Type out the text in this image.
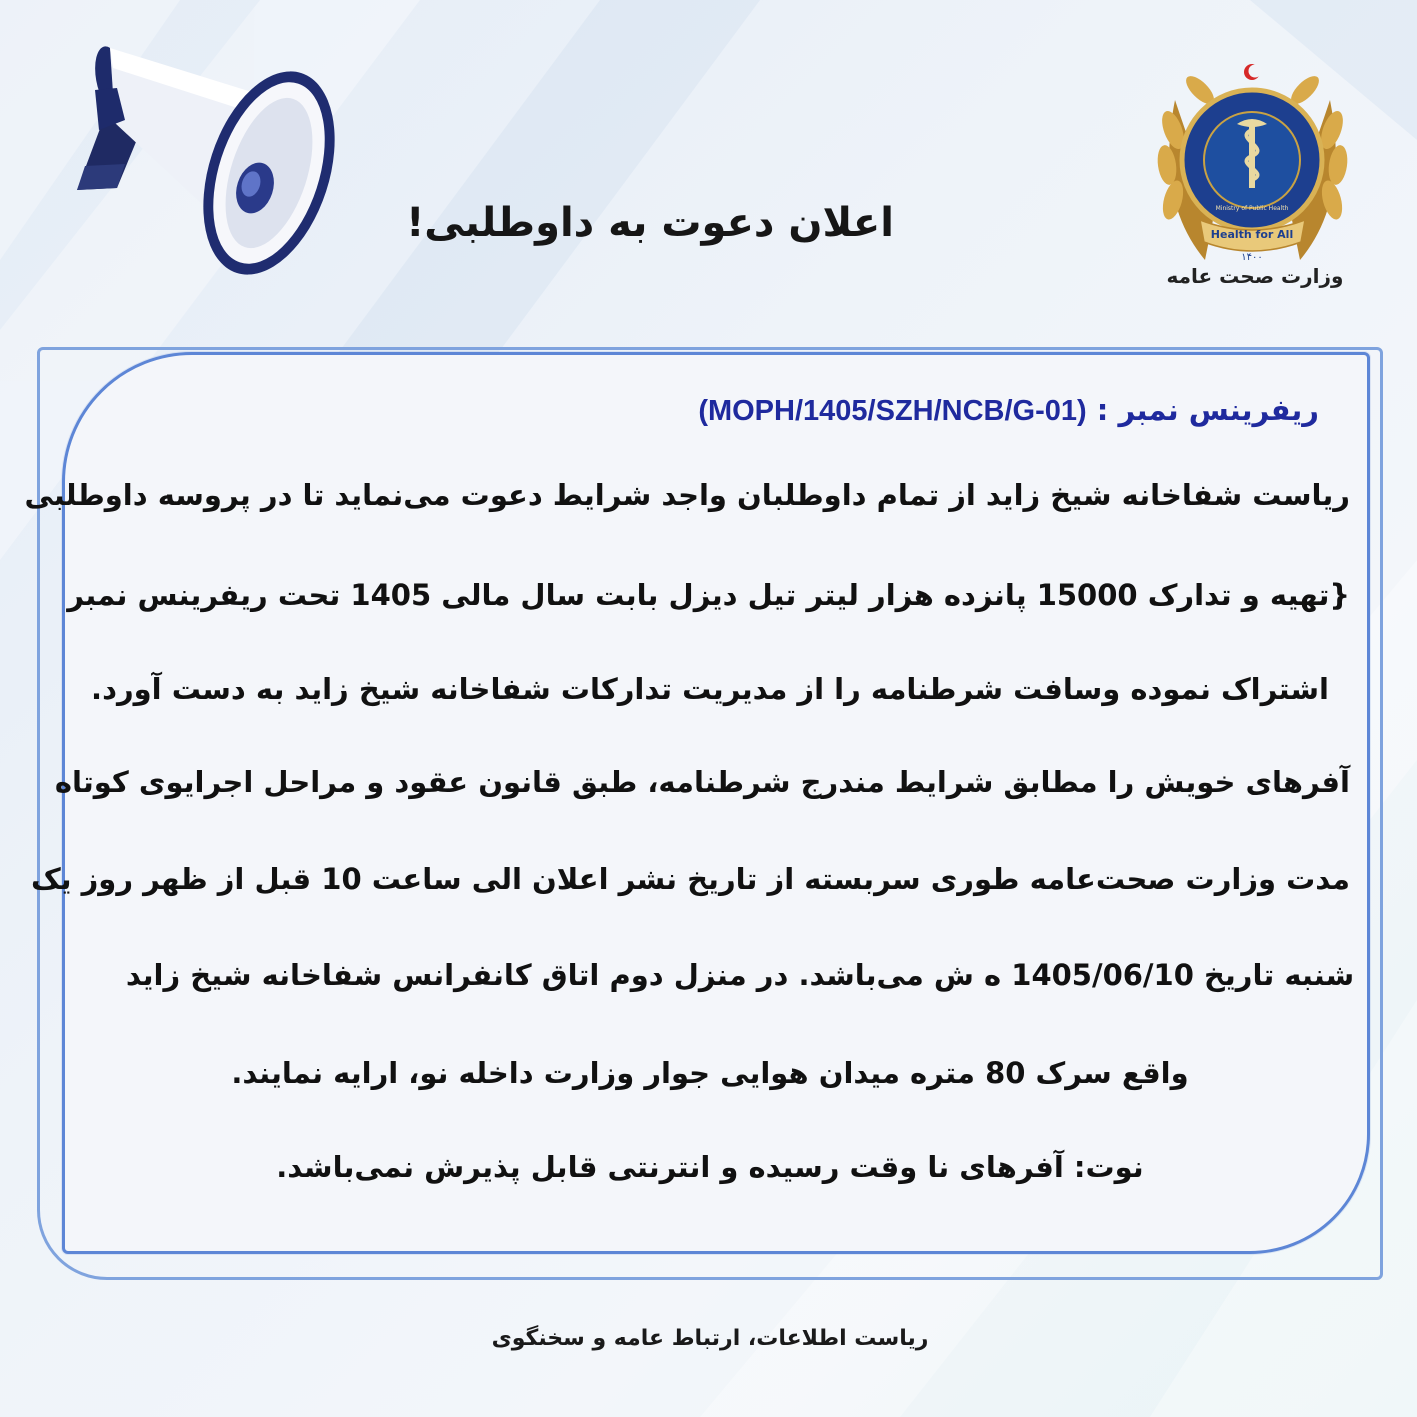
اعلان دعوت به داوطلبی!	Health for All
۱۴۰۰
Ministry of Public Health
وزارت صحت عامه
ریفرینس نمبر : (MOPH/1405/SZH/NCB/G-01)
ریاست شفاخانه شیخ زاید از تمام داوطلبان واجد شرایط دعوت می‌نماید تا در پروسه داوطلبی
{تهیه و تدارک 15000 پانزده هزار لیتر تیل دیزل بابت سال مالی 1405 تحت ریفرینس نمبر
اشتراک نموده وسافت شرطنامه را از مدیریت تدارکات شفاخانه شیخ زاید به دست آورد.
آفرهای خویش را مطابق شرایط مندرج شرطنامه، طبق قانون عقود و مراحل اجرایوی کوتاه
مدت وزارت صحت‌عامه طوری سربسته از تاریخ نشر اعلان الی ساعت 10 قبل از ظهر روز یک
شنبه تاریخ 1405/06/10 ه ش می‌باشد. در منزل دوم اتاق کانفرانس شفاخانه شیخ زاید
واقع سرک 80 متره میدان هوایی جوار وزارت داخله نو، ارایه نمایند.
نوت: آفرهای نا وقت رسیده و انترنتی قابل پذیرش نمی‌باشد.
ریاست اطلاعات، ارتباط عامه و سخنگوی
